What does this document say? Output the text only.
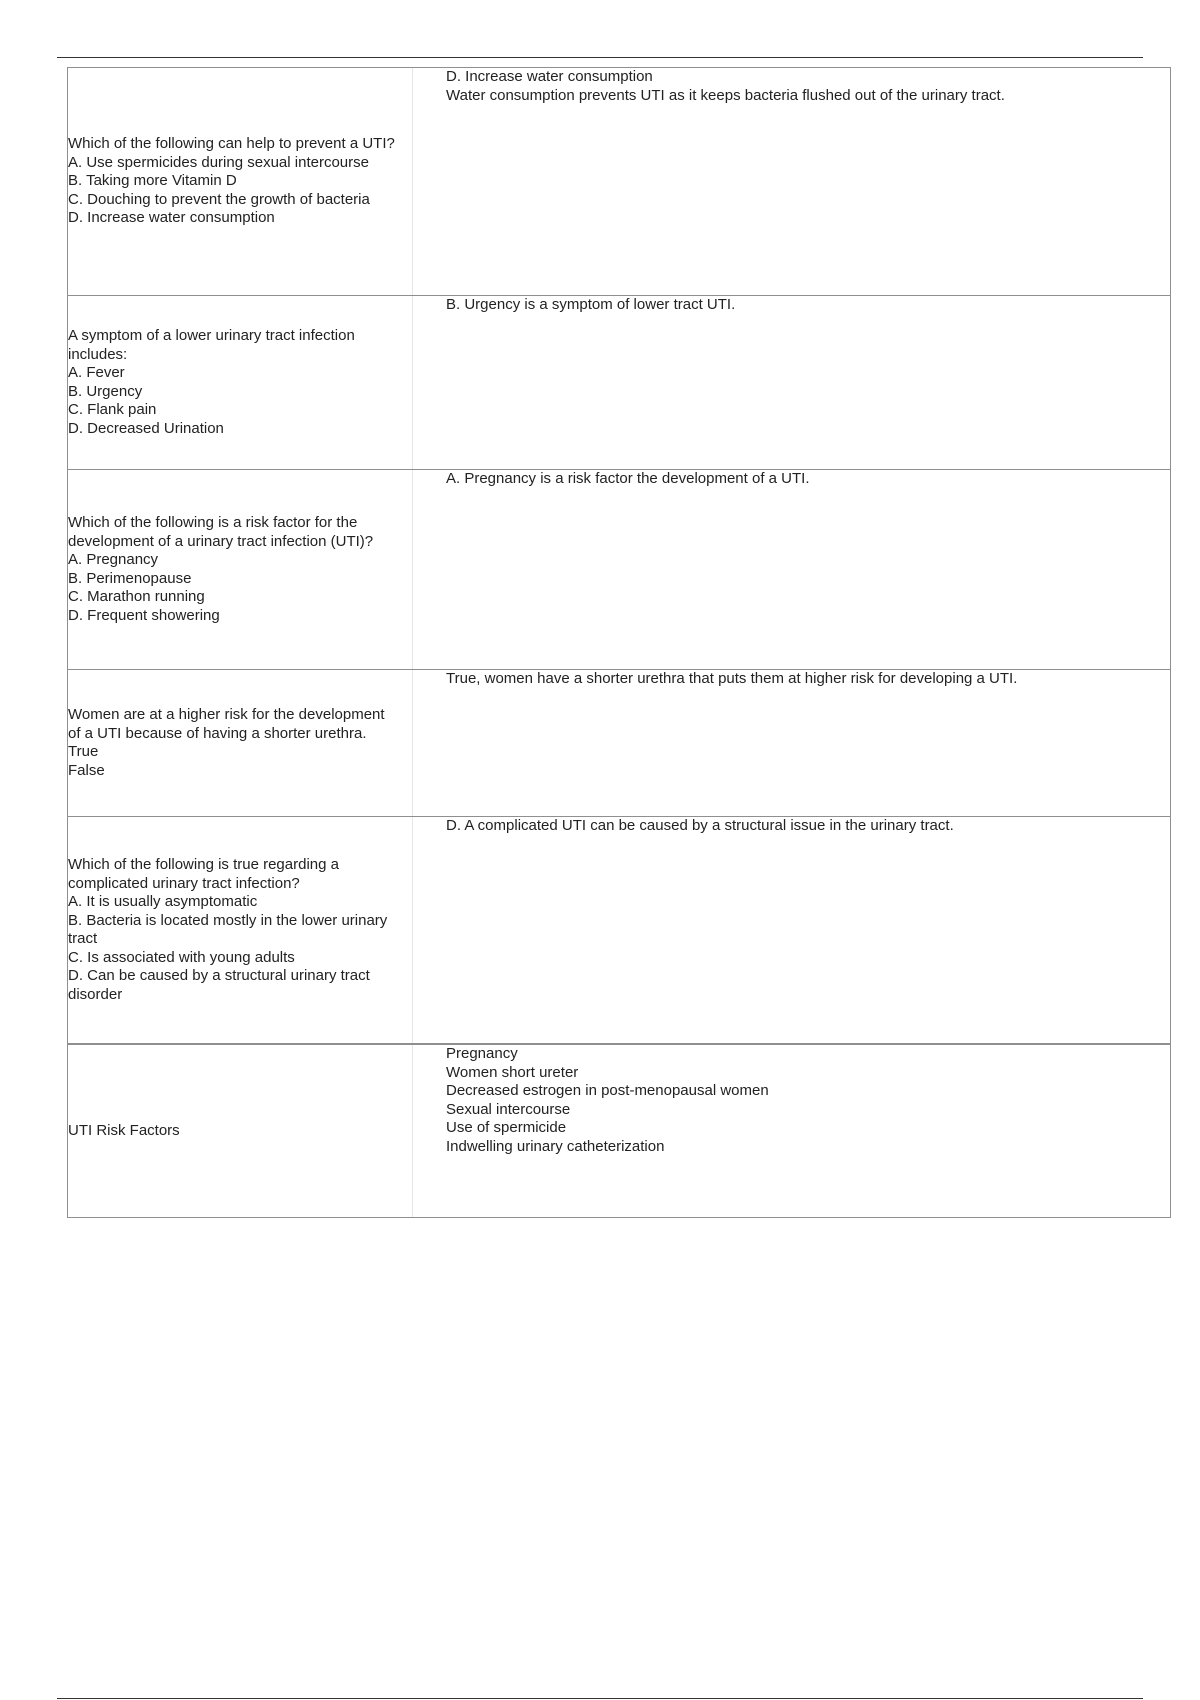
Which of the following can help to prevent a UTI?
A. Use spermicides during sexual intercourse
B. Taking more Vitamin D
C. Douching to prevent the growth of bacteria
D. Increase water consumption
D. Increase water consumption
Water consumption prevents UTI as it keeps bacteria flushed out of the urinary tract.
A symptom of a lower urinary tract infection includes:
A. Fever
B. Urgency
C. Flank pain
D. Decreased Urination
B. Urgency is a symptom of lower tract UTI.
Which of the following is a risk factor for the development of a urinary tract infection (UTI)?
A. Pregnancy
B. Perimenopause
C. Marathon running
D. Frequent showering
A. Pregnancy is a risk factor the development of a UTI.
Women are at a higher risk for the development of a UTI because of having a shorter urethra.
True
False
True, women have a shorter urethra that puts them at higher risk for developing a UTI.
Which of the following is true regarding a complicated urinary tract infection?
A. It is usually asymptomatic
B. Bacteria is located mostly in the lower urinary tract
C. Is associated with young adults
D. Can be caused by a structural urinary tract disorder
D. A complicated UTI can be caused by a structural issue in the urinary tract.
UTI Risk Factors
Pregnancy
Women short ureter
Decreased estrogen in post-menopausal women
Sexual intercourse
Use of spermicide
Indwelling urinary catheterization
